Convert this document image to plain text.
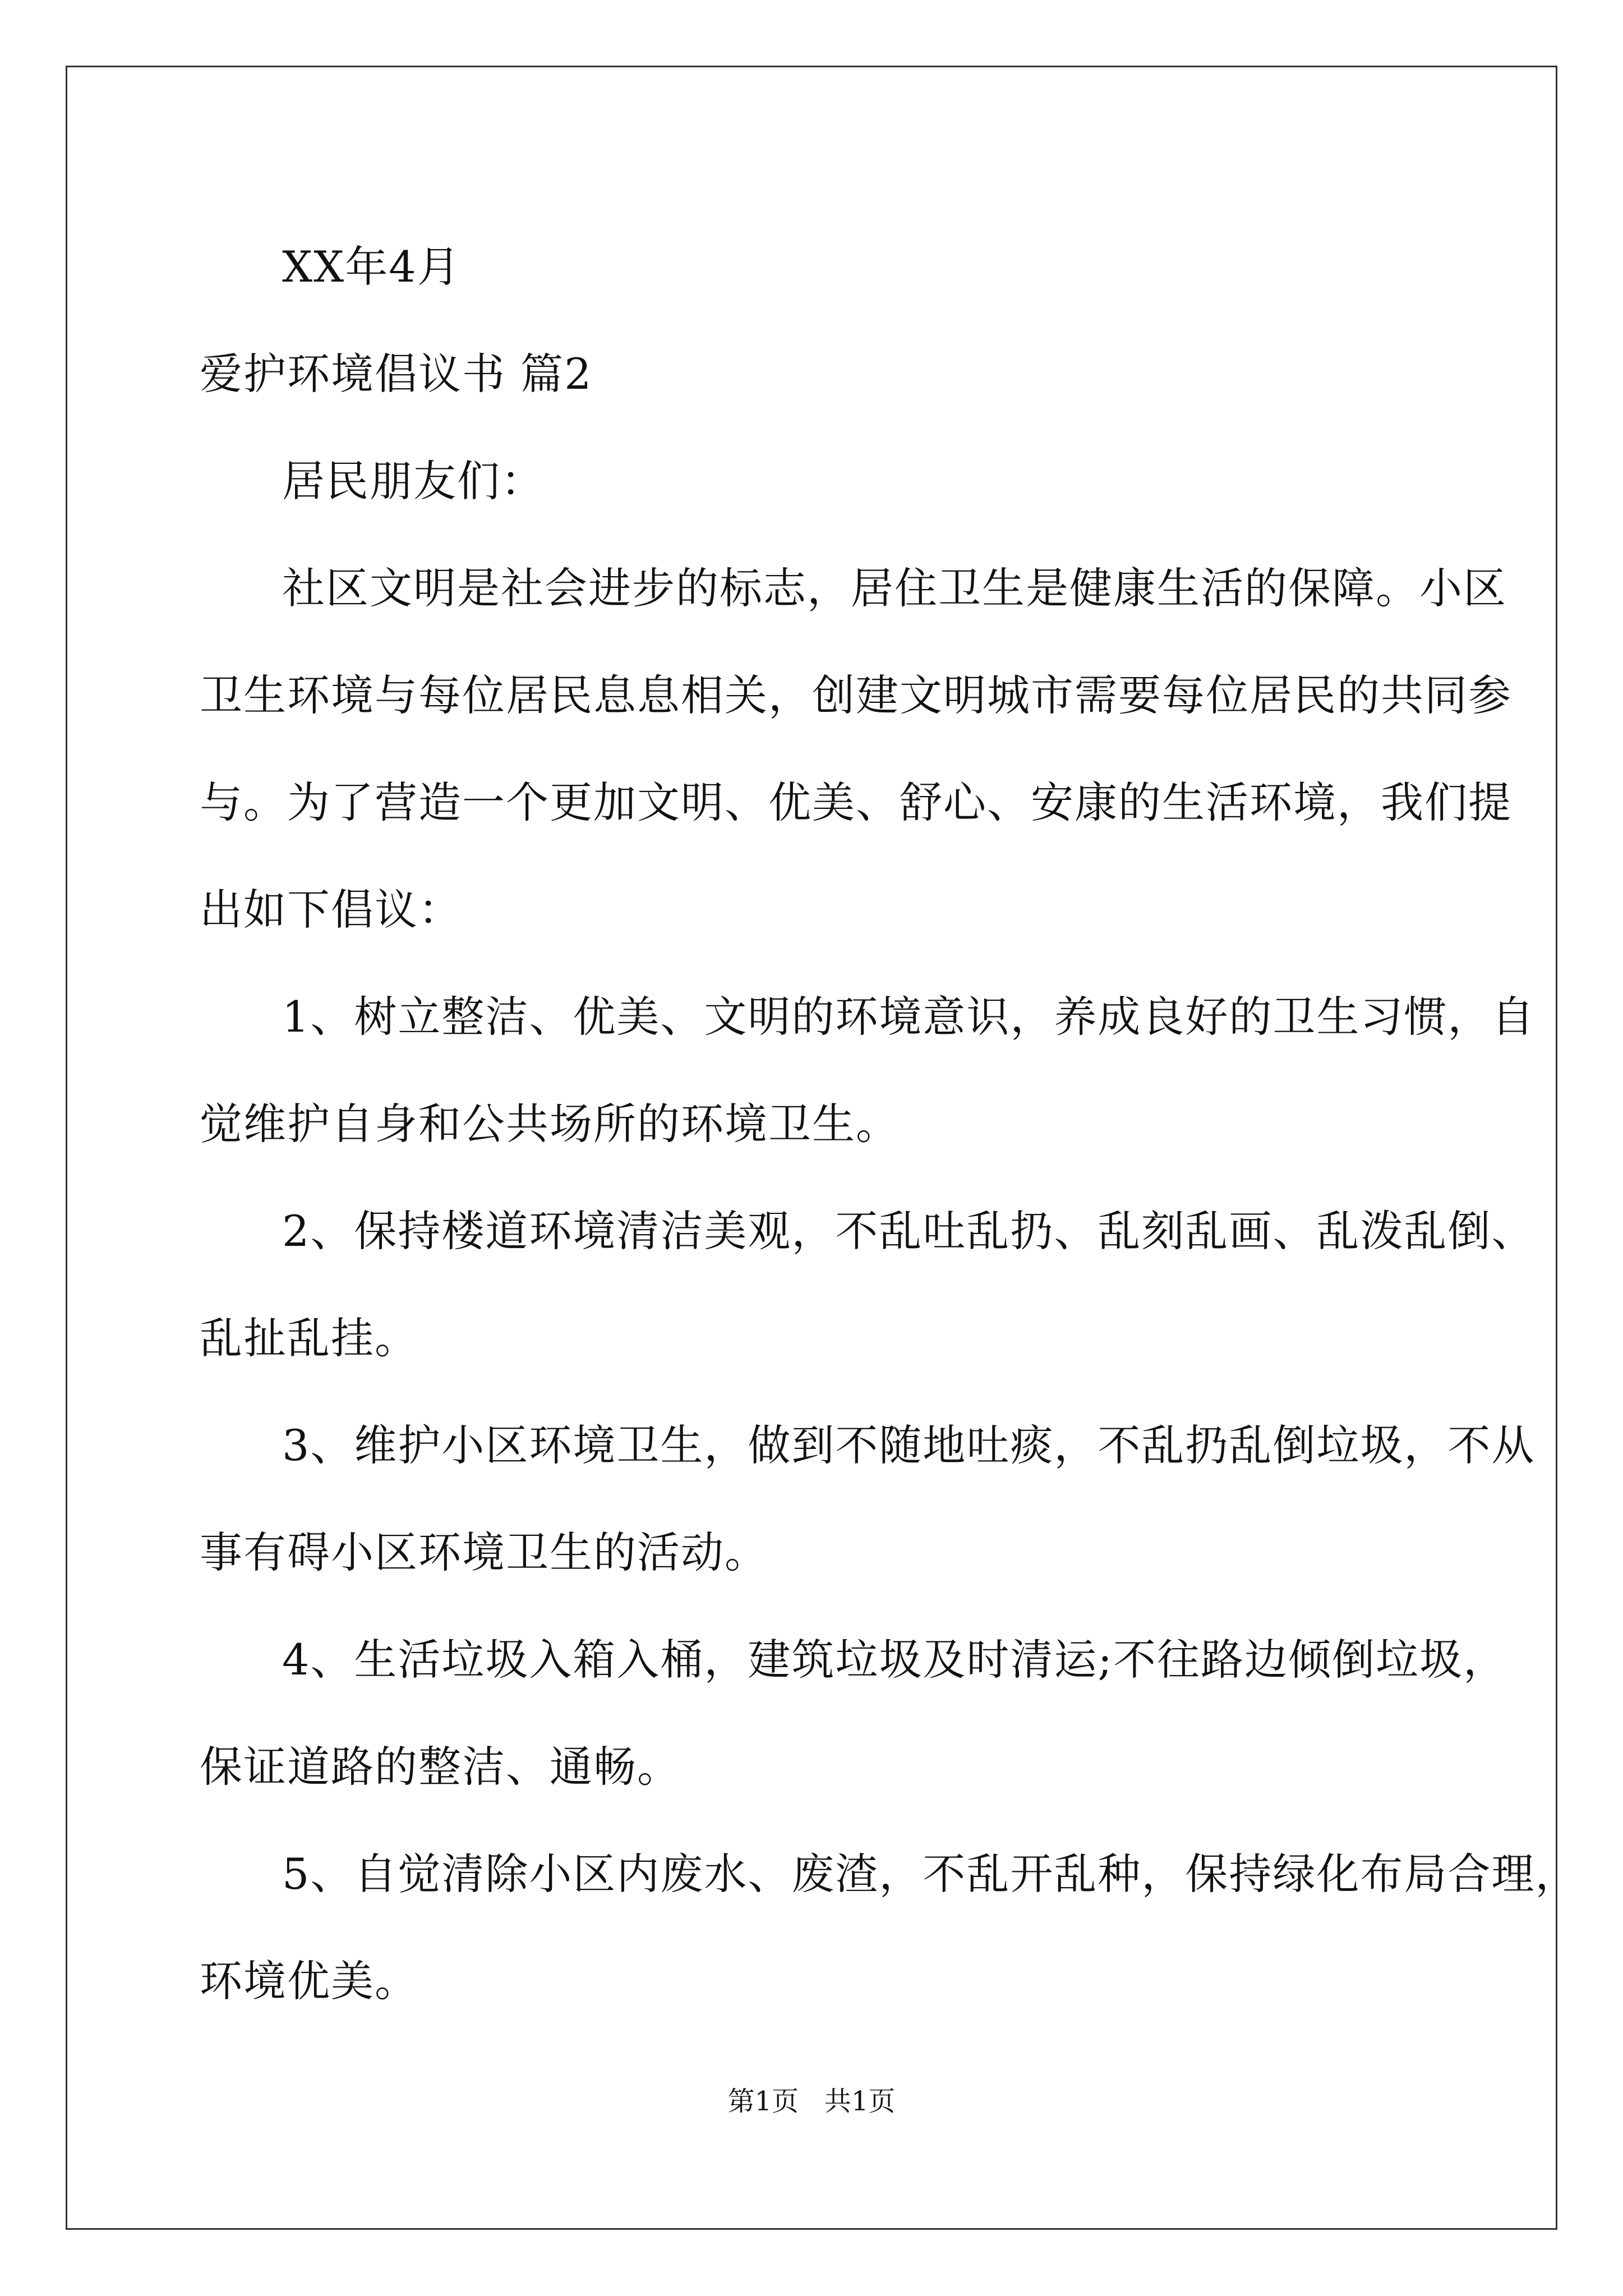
XX年4月
爱护环境倡议书 篇2
居民朋友们：
社区文明是社会进步的标志，居住卫生是健康生活的保障。小区
卫生环境与每位居民息息相关，创建文明城市需要每位居民的共同参
与。为了营造一个更加文明、优美、舒心、安康的生活环境，我们提
出如下倡议：
1、树立整洁、优美、文明的环境意识，养成良好的卫生习惯，自
觉维护自身和公共场所的环境卫生。
2、保持楼道环境清洁美观，不乱吐乱扔、乱刻乱画、乱泼乱倒、
乱扯乱挂。
3、维护小区环境卫生，做到不随地吐痰，不乱扔乱倒垃圾，不从
事有碍小区环境卫生的活动。
4、生活垃圾入箱入桶，建筑垃圾及时清运;不往路边倾倒垃圾，
保证道路的整洁、通畅。
5、自觉清除小区内废水、废渣，不乱开乱种，保持绿化布局合理，
环境优美。
第1页   共1页
